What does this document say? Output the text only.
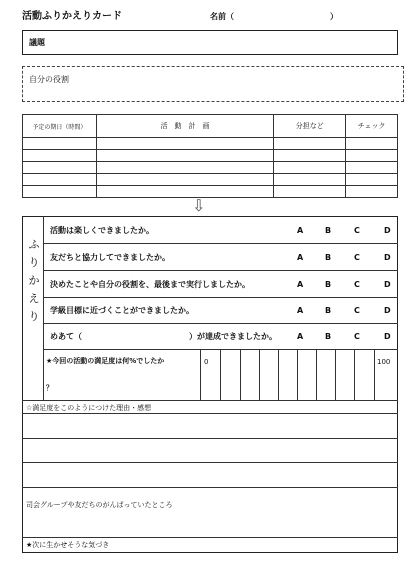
活動ふりかえりカード	名前（	）
議題
自分の役割
予定の期日（時間）	活　動　計　画	分担など	チェック

⇩
ふ
り
か
え
り
活動は楽しくできましたか。	A	B	C	D
友だちと協力してできましたか。	A	B	C	D
決めたことや自分の役割を、最後まで実行しましたか。	A	B	C	D
学級目標に近づくことができましたか。	A	B	C	D
めあて（	）が達成できましたか。	A	B	C	D
★今回の活動の満足度は何%でしたか
？
0	100
☆満足度をこのようにつけた理由・感想
司会グループや友だちのがんばっていたところ
★次に生かせそうな気づき
